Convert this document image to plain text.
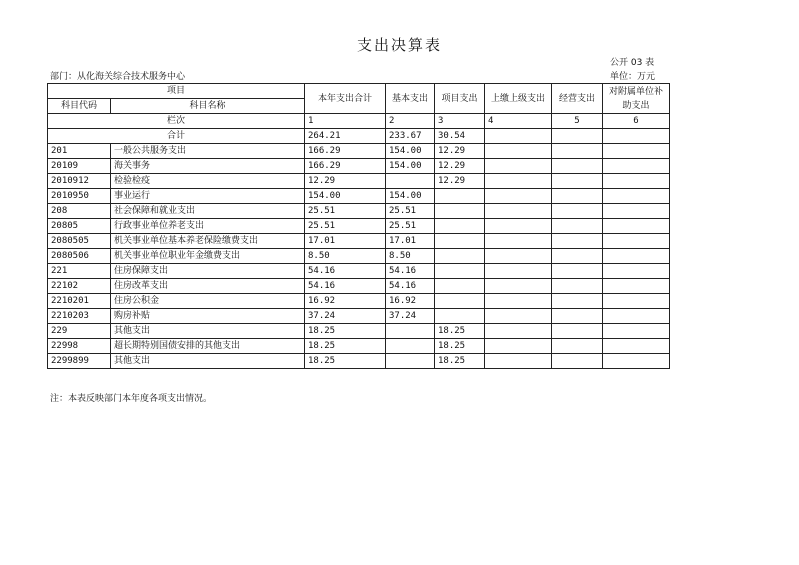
支出决算表
公开 03 表
部门：从化海关综合技术服务中心	单位：万元
项目		本年支出合计	基本支出	项目支出	上缴上级支出	经营支出	对附属单位补助支出
科目代码	科目名称						
栏次		1	2	3	4	5	6
合计		264.21	233.67	30.54			
201	一般公共服务支出	166.29	154.00	12.29			
20109	海关事务	166.29	154.00	12.29			
2010912	检验检疫	12.29		12.29			
2010950	事业运行	154.00	154.00				
208	社会保障和就业支出	25.51	25.51				
20805	行政事业单位养老支出	25.51	25.51				
2080505	机关事业单位基本养老保险缴费支出	17.01	17.01				
2080506	机关事业单位职业年金缴费支出	8.50	8.50				
221	住房保障支出	54.16	54.16				
22102	住房改革支出	54.16	54.16				
2210201	住房公积金	16.92	16.92				
2210203	购房补贴	37.24	37.24				
229	其他支出	18.25		18.25			
22998	超长期特别国债安排的其他支出	18.25		18.25			
2299899	其他支出	18.25		18.25			
注：本表反映部门本年度各项支出情况。
